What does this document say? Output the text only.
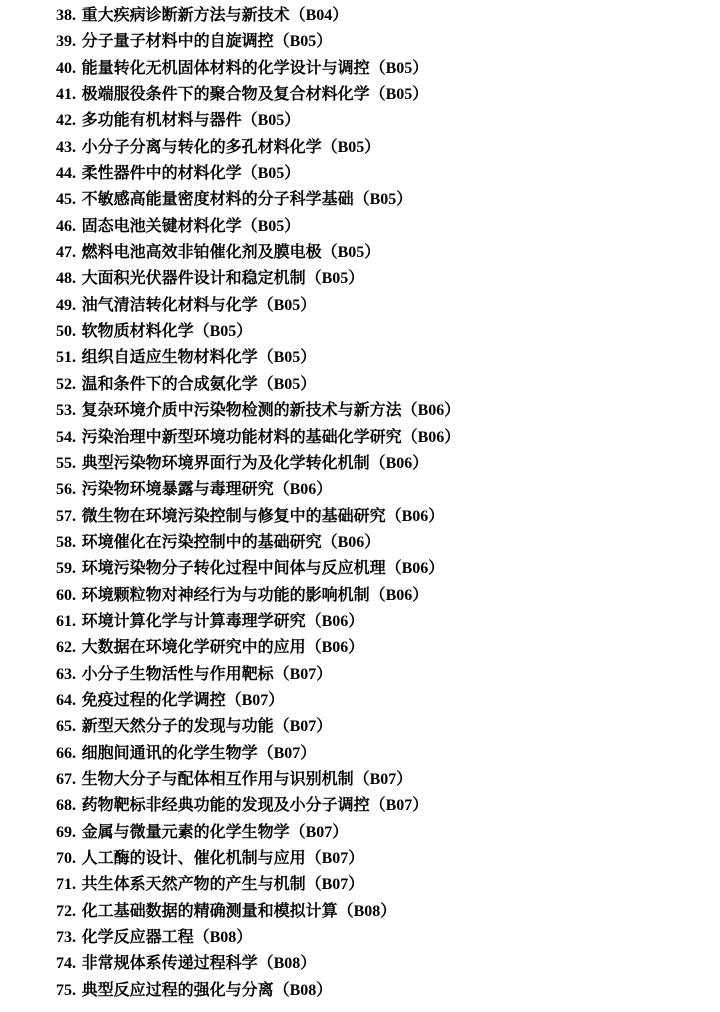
38. 重大疾病诊断新方法与新技术（B04）
39. 分子量子材料中的自旋调控（B05）
40. 能量转化无机固体材料的化学设计与调控（B05）
41. 极端服役条件下的聚合物及复合材料化学（B05）
42. 多功能有机材料与器件（B05）
43. 小分子分离与转化的多孔材料化学（B05）
44. 柔性器件中的材料化学（B05）
45. 不敏感高能量密度材料的分子科学基础（B05）
46. 固态电池关键材料化学（B05）
47. 燃料电池高效非铂催化剂及膜电极（B05）
48. 大面积光伏器件设计和稳定机制（B05）
49. 油气清洁转化材料与化学（B05）
50. 软物质材料化学（B05）
51. 组织自适应生物材料化学（B05）
52. 温和条件下的合成氨化学（B05）
53. 复杂环境介质中污染物检测的新技术与新方法（B06）
54. 污染治理中新型环境功能材料的基础化学研究（B06）
55. 典型污染物环境界面行为及化学转化机制（B06）
56. 污染物环境暴露与毒理研究（B06）
57. 微生物在环境污染控制与修复中的基础研究（B06）
58. 环境催化在污染控制中的基础研究（B06）
59. 环境污染物分子转化过程中间体与反应机理（B06）
60. 环境颗粒物对神经行为与功能的影响机制（B06）
61. 环境计算化学与计算毒理学研究（B06）
62. 大数据在环境化学研究中的应用（B06）
63. 小分子生物活性与作用靶标（B07）
64. 免疫过程的化学调控（B07）
65. 新型天然分子的发现与功能（B07）
66. 细胞间通讯的化学生物学（B07）
67. 生物大分子与配体相互作用与识别机制（B07）
68. 药物靶标非经典功能的发现及小分子调控（B07）
69. 金属与微量元素的化学生物学（B07）
70. 人工酶的设计、催化机制与应用（B07）
71. 共生体系天然产物的产生与机制（B07）
72. 化工基础数据的精确测量和模拟计算（B08）
73. 化学反应器工程（B08）
74. 非常规体系传递过程科学（B08）
75. 典型反应过程的强化与分离（B08）
